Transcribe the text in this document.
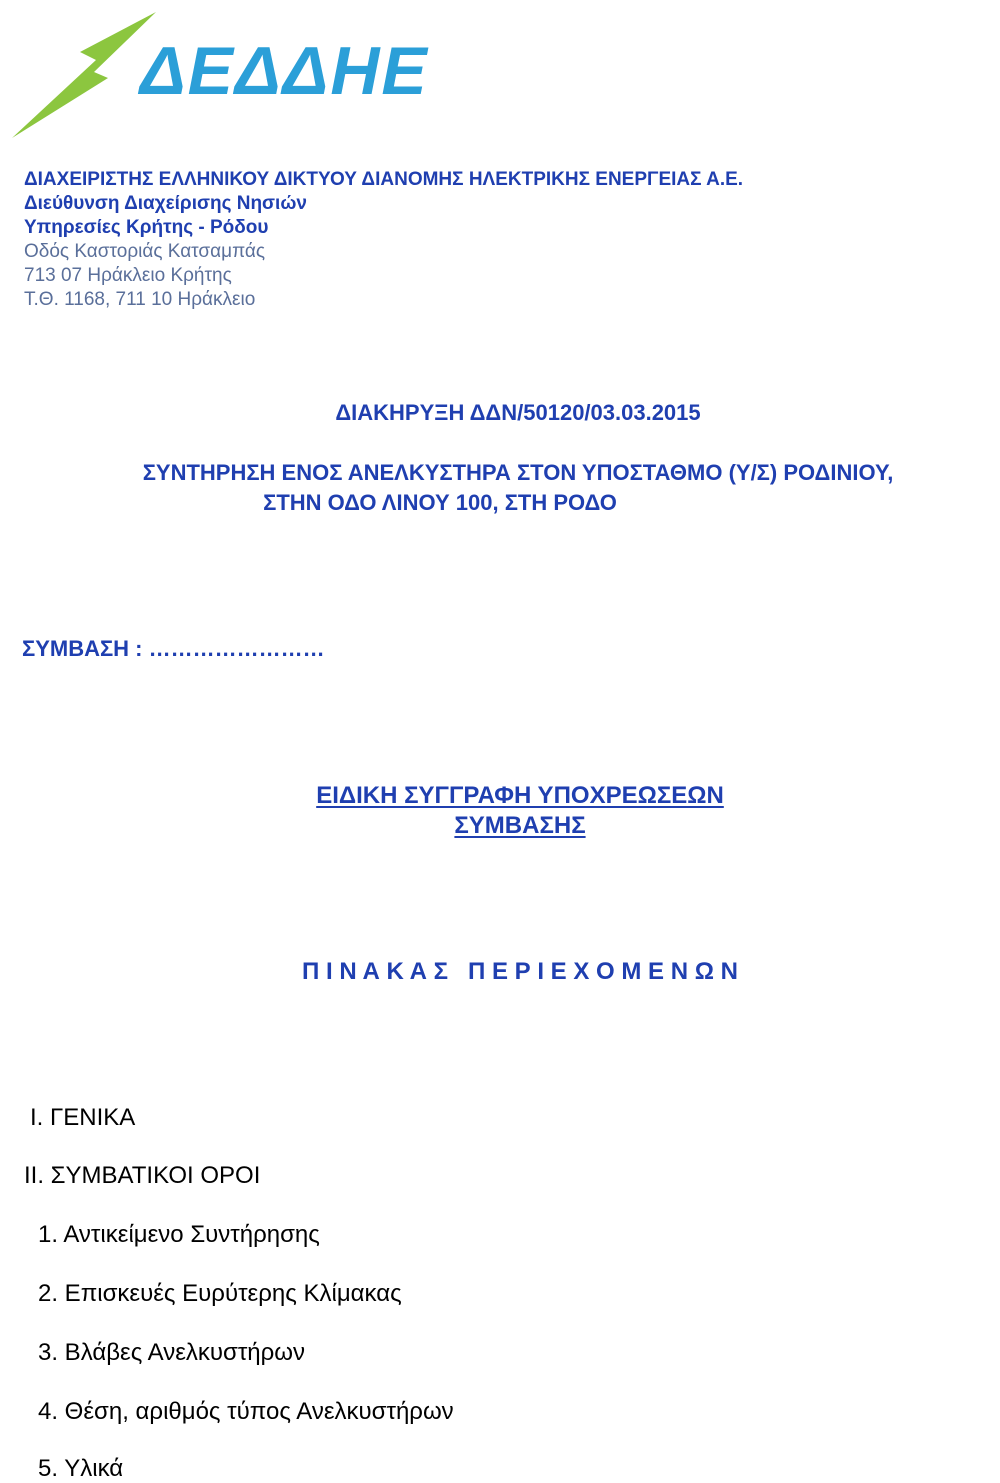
ΔΕΔΔΗΕ
ΔΙΑΧΕΙΡΙΣΤΗΣ ΕΛΛΗΝΙΚΟΥ ΔΙΚΤΥΟΥ ΔΙΑΝΟΜΗΣ ΗΛΕΚΤΡΙΚΗΣ ΕΝΕΡΓΕΙΑΣ Α.Ε.
Διεύθυνση Διαχείρισης Νησιών
Υπηρεσίες Κρήτης - Ρόδου
Οδός Καστοριάς Κατσαμπάς
713 07 Ηράκλειο Κρήτης
Τ.Θ. 1168, 711 10 Ηράκλειο
ΔΙΑΚΗΡΥΞΗ ΔΔΝ/50120/03.03.2015
ΣΥΝΤΗΡΗΣΗ ΕΝΟΣ ΑΝΕΛΚΥΣΤΗΡΑ ΣΤΟΝ ΥΠΟΣΤΑΘΜΟ (Υ/Σ) ΡΟΔΙΝΙΟΥ,
ΣΤΗΝ ΟΔΟ ΛΙΝΟΥ 100, ΣΤΗ ΡΟΔΟ
ΣΥΜΒΑΣΗ : ……………………
ΕΙΔΙΚΗ ΣΥΓΓΡΑΦΗ ΥΠΟΧΡΕΩΣΕΩΝ
ΣΥΜΒΑΣΗΣ
Π Ι Ν Α Κ Α Σ   Π Ε Ρ Ι Ε Χ Ο Μ Ε Ν Ω Ν
Ι. ΓΕΝΙΚΑ
ΙΙ. ΣΥΜΒΑΤΙΚΟΙ ΟΡΟΙ
1. Αντικείμενο Συντήρησης
2. Επισκευές Ευρύτερης Κλίμακας
3. Βλάβες Ανελκυστήρων
4. Θέση, αριθμός τύπος Ανελκυστήρων
5. Υλικά
